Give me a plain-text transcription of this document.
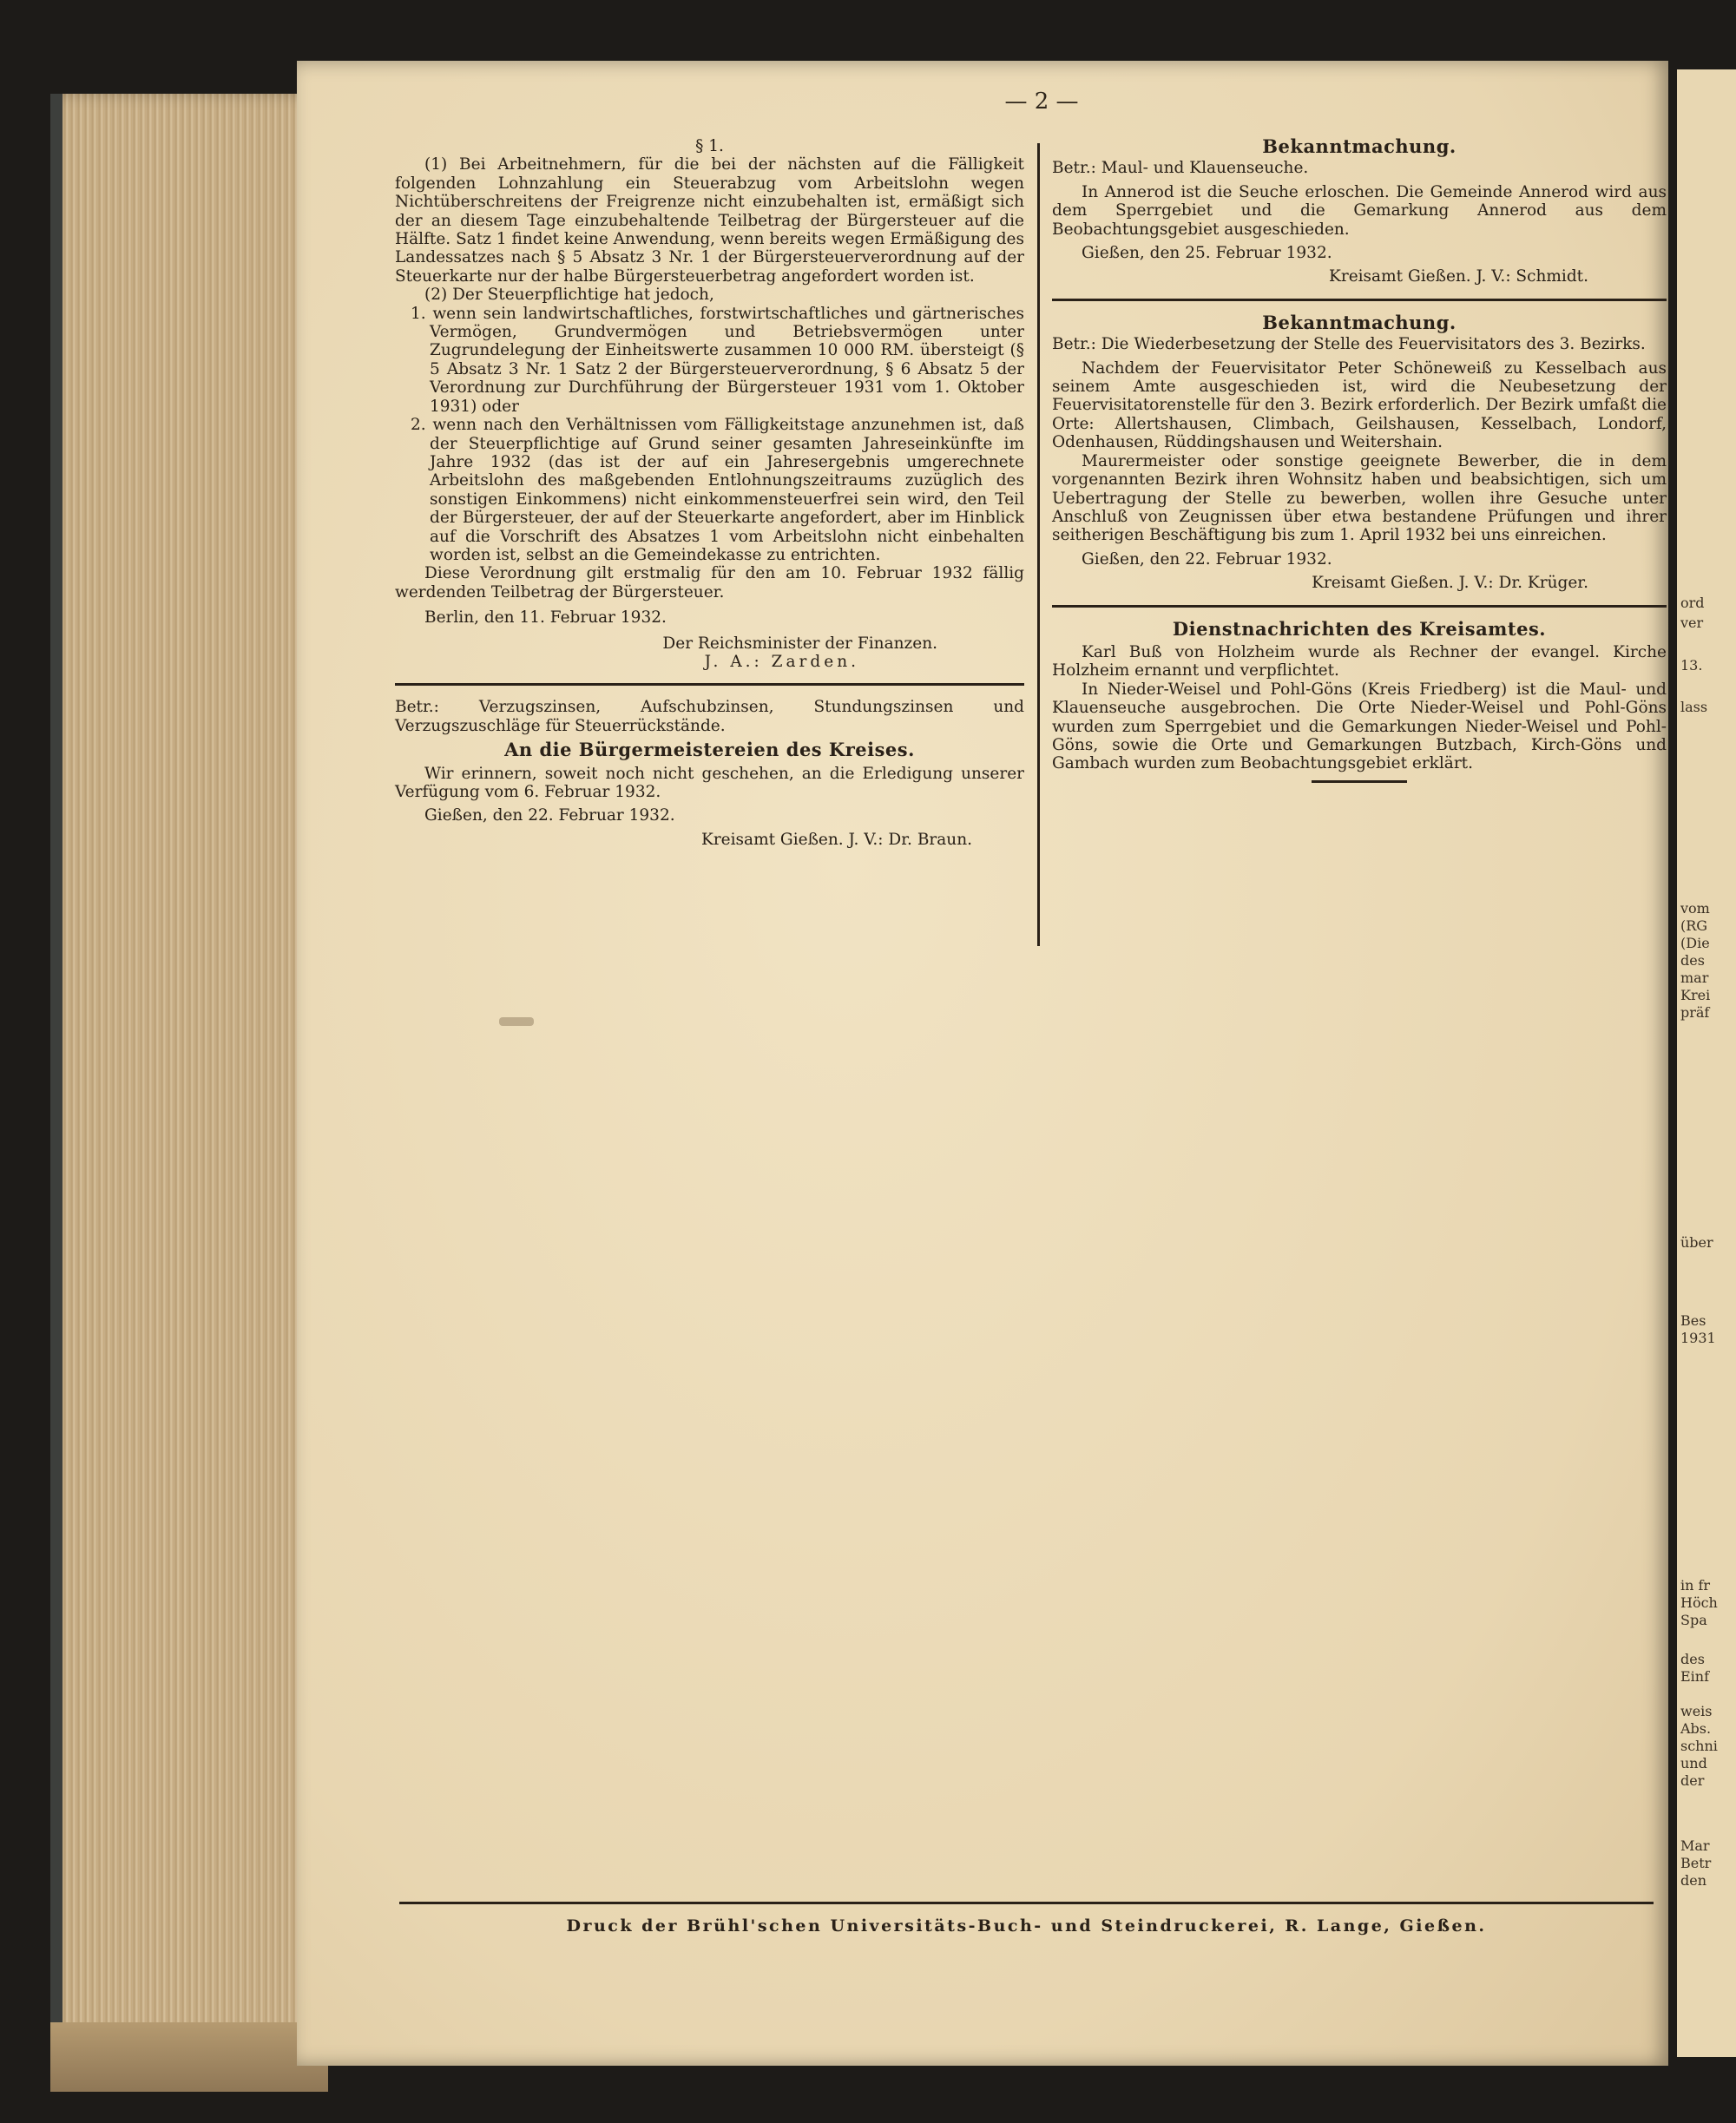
ord
ver
13.
lass
vom
(RG
(Die
des
mar
Krei
präf
über
Bes
1931
in fr
Höch
Spa
des
Einf
weis
Abs.
schni
und
der
Mar
Betr
den
— 2 —

§ 1.

(1) Bei Arbeitnehmern, für die bei der nächsten auf die Fälligkeit folgenden Lohnzahlung ein Steuerabzug vom Arbeitslohn wegen Nichtüberschreitens der Freigrenze nicht einzubehalten ist, ermäßigt sich der an diesem Tage einzubehaltende Teilbetrag der Bürgersteuer auf die Hälfte. Satz 1 findet keine Anwendung, wenn bereits wegen Ermäßigung des Landessatzes nach § 5 Absatz 3 Nr. 1 der Bürgersteuerverordnung auf der Steuerkarte nur der halbe Bürgersteuerbetrag angefordert worden ist.

(2) Der Steuerpflichtige hat jedoch,

1. wenn sein landwirtschaftliches, forstwirtschaftliches und gärtnerisches Vermögen, Grundvermögen und Betriebsvermögen unter Zugrundelegung der Einheitswerte zusammen 10 000 RM. übersteigt (§ 5 Absatz 3 Nr. 1 Satz 2 der Bürgersteuerverordnung, § 6 Absatz 5 der Verordnung zur Durchführung der Bürgersteuer 1931 vom 1. Oktober 1931) oder

2. wenn nach den Verhältnissen vom Fälligkeitstage anzunehmen ist, daß der Steuerpflichtige auf Grund seiner gesamten Jahreseinkünfte im Jahre 1932 (das ist der auf ein Jahresergebnis umgerechnete Arbeitslohn des maßgebenden Entlohnungszeitraums zuzüglich des sonstigen Einkommens) nicht einkommensteuerfrei sein wird, den Teil der Bürgersteuer, der auf der Steuerkarte angefordert, aber im Hinblick auf die Vorschrift des Absatzes 1 vom Arbeitslohn nicht einbehalten worden ist, selbst an die Gemeindekasse zu entrichten.

Diese Verordnung gilt erstmalig für den am 10. Februar 1932 fällig werdenden Teilbetrag der Bürgersteuer.

Berlin, den 11. Februar 1932.

Der Reichsminister der Finanzen.

J. A.: Zarden.

Betr.: Verzugszinsen, Aufschubzinsen, Stundungszinsen und Verzugszuschläge für Steuerrückstände.

An die Bürgermeistereien des Kreises.

Wir erinnern, soweit noch nicht geschehen, an die Erledigung unserer Verfügung vom 6. Februar 1932.

Gießen, den 22. Februar 1932.

Kreisamt Gießen. J. V.: Dr. Braun.

Bekanntmachung.

Betr.: Maul- und Klauenseuche.

In Annerod ist die Seuche erloschen. Die Gemeinde Annerod wird aus dem Sperrgebiet und die Gemarkung Annerod aus dem Beobachtungsgebiet ausgeschieden.

Gießen, den 25. Februar 1932.

Kreisamt Gießen. J. V.: Schmidt.

Bekanntmachung.

Betr.: Die Wiederbesetzung der Stelle des Feuervisitators des 3. Bezirks.

Nachdem der Feuervisitator Peter Schöneweiß zu Kesselbach aus seinem Amte ausgeschieden ist, wird die Neubesetzung der Feuervisitatorenstelle für den 3. Bezirk erforderlich. Der Bezirk umfaßt die Orte: Allertshausen, Climbach, Geilshausen, Kesselbach, Londorf, Odenhausen, Rüddingshausen und Weitershain.

Maurermeister oder sonstige geeignete Bewerber, die in dem vorgenannten Bezirk ihren Wohnsitz haben und beabsichtigen, sich um Uebertragung der Stelle zu bewerben, wollen ihre Gesuche unter Anschluß von Zeugnissen über etwa bestandene Prüfungen und ihrer seitherigen Beschäftigung bis zum 1. April 1932 bei uns einreichen.

Gießen, den 22. Februar 1932.

Kreisamt Gießen. J. V.: Dr. Krüger.

Dienstnachrichten des Kreisamtes.

Karl Buß von Holzheim wurde als Rechner der evangel. Kirche Holzheim ernannt und verpflichtet.

In Nieder-Weisel und Pohl-Göns (Kreis Friedberg) ist die Maul- und Klauenseuche ausgebrochen. Die Orte Nieder-Weisel und Pohl-Göns wurden zum Sperrgebiet und die Gemarkungen Nieder-Weisel und Pohl-Göns, sowie die Orte und Gemarkungen Butzbach, Kirch-Göns und Gambach wurden zum Beobachtungsgebiet erklärt.

Druck der Brühl'schen Universitäts-Buch- und Steindruckerei, R. Lange, Gießen.
